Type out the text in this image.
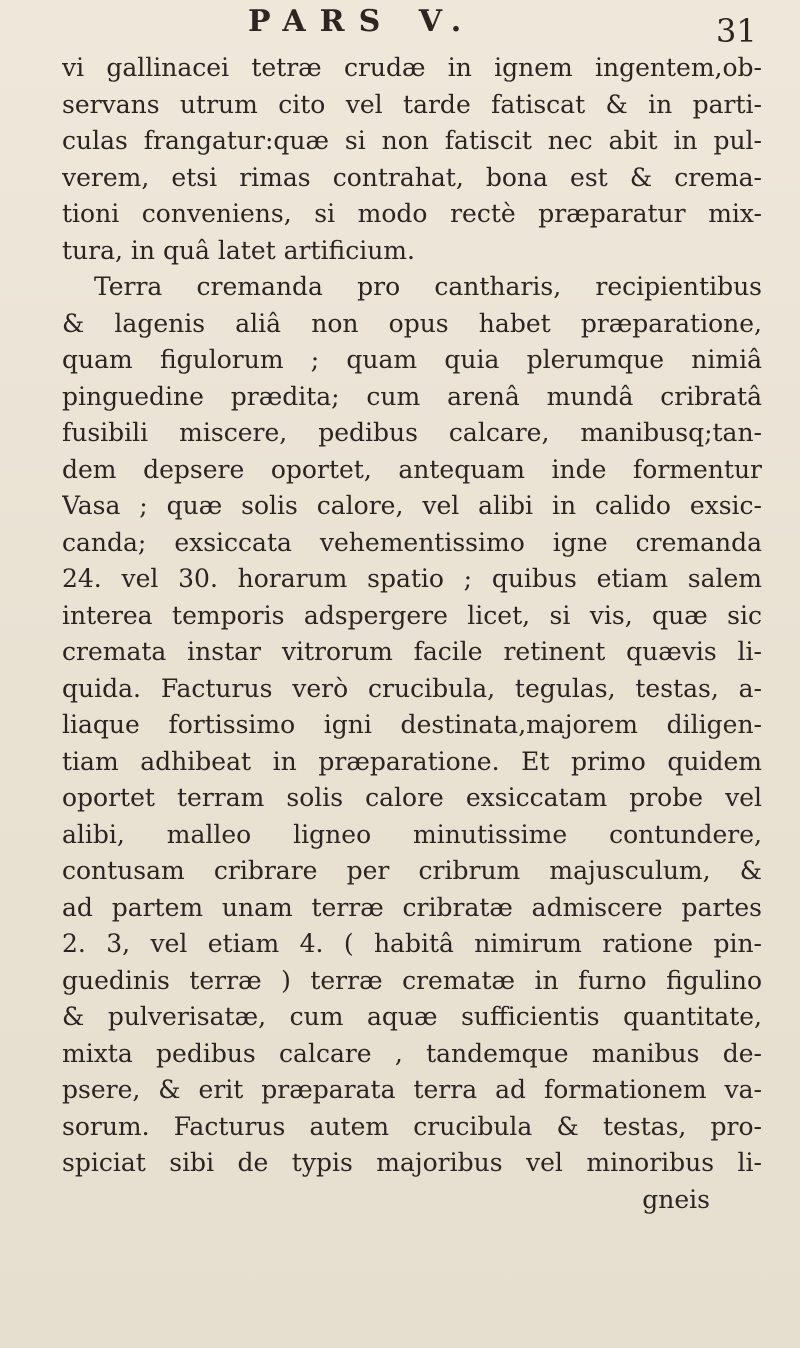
PARS V.	31
vi gallinacei tetræ crudæ in ignem ingentem,ob-
servans utrum cito vel tarde fatiscat & in parti-
culas frangatur:quæ si non fatiscit nec abit in pul-
verem, etsi rimas contrahat, bona est & crema-
tioni conveniens, si modo rectè præparatur mix-
tura, in quâ latet artificium.
Terra cremanda pro cantharis, recipientibus
& lagenis aliâ non opus habet præparatione,
quam figulorum ; quam quia plerumque nimiâ
pinguedine prædita; cum arenâ mundâ cribratâ
fusibili miscere, pedibus calcare, manibusq;tan-
dem depsere oportet, antequam inde formentur
Vasa ; quæ solis calore, vel alibi in calido exsic-
canda; exsiccata vehementissimo igne cremanda
24. vel 30. horarum spatio ; quibus etiam salem
interea temporis adspergere licet, si vis, quæ sic
cremata instar vitrorum facile retinent quævis li-
quida. Facturus verò crucibula, tegulas, testas, a-
liaque fortissimo igni destinata,majorem diligen-
tiam adhibeat in præparatione. Et primo quidem
oportet terram solis calore exsiccatam probe vel
alibi, malleo ligneo minutissime contundere,
contusam cribrare per cribrum majusculum, &
ad partem unam terræ cribratæ admiscere partes
2. 3, vel etiam 4. ( habitâ nimirum ratione pin-
guedinis terræ ) terræ crematæ in furno figulino
& pulverisatæ, cum aquæ sufficientis quantitate,
mixta pedibus calcare , tandemque manibus de-
psere, & erit præparata terra ad formationem va-
sorum. Facturus autem crucibula & testas, pro-
spiciat sibi de typis majoribus vel minoribus li-
gneis
